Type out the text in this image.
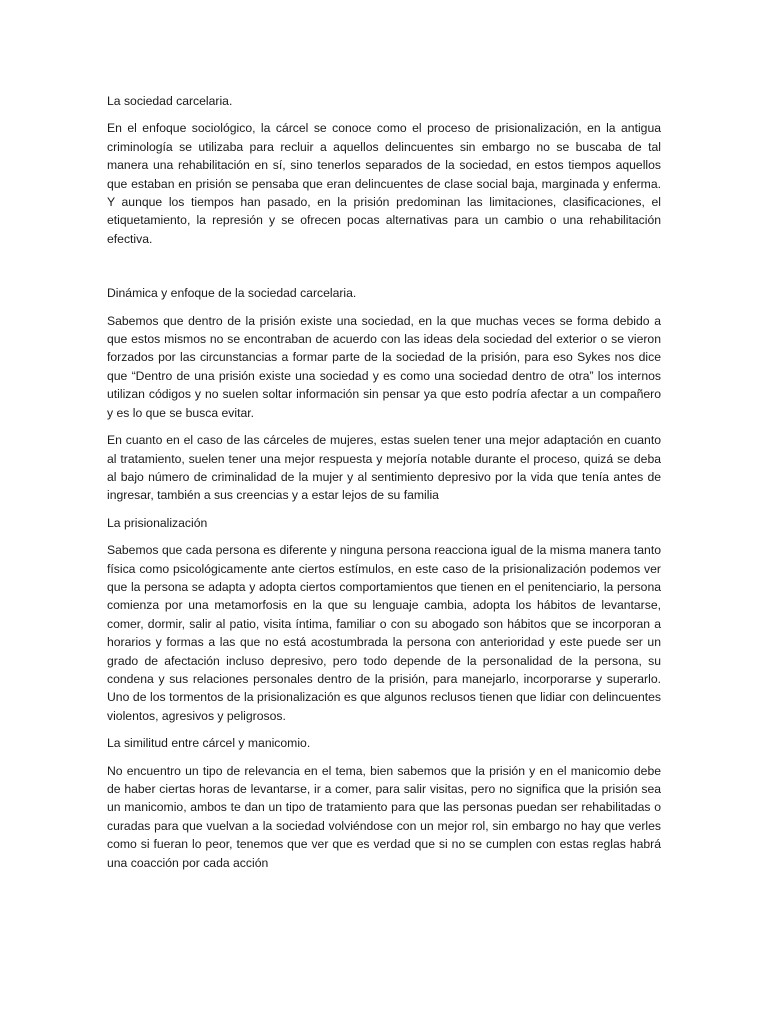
La sociedad carcelaria.

En el enfoque sociológico, la cárcel se conoce como el proceso de prisionalización, en la antigua criminología se utilizaba para recluir a aquellos delincuentes sin embargo no se buscaba de tal manera una rehabilitación en sí, sino tenerlos separados de la sociedad, en estos tiempos aquellos que estaban en prisión se pensaba que eran delincuentes de clase social baja, marginada y enferma. Y aunque los tiempos han pasado, en la prisión predominan las limitaciones, clasificaciones, el etiquetamiento, la represión y se ofrecen pocas alternativas para un cambio o una rehabilitación efectiva.

Dinámica y enfoque de la sociedad carcelaria.

Sabemos que dentro de la prisión existe una sociedad, en la que muchas veces se forma debido a que estos mismos no se encontraban de acuerdo con las ideas dela sociedad del exterior o se vieron forzados por las circunstancias a formar parte de la sociedad de la prisión, para eso Sykes nos dice que “Dentro de una prisión existe una sociedad y es como una sociedad dentro de otra” los internos utilizan códigos y no suelen soltar información sin pensar ya que esto podría afectar a un compañero y es lo que se busca evitar.

En cuanto en el caso de las cárceles de mujeres, estas suelen tener una mejor adaptación en cuanto al tratamiento, suelen tener una mejor respuesta y mejoría notable durante el proceso, quizá se deba al bajo número de criminalidad de la mujer y al sentimiento depresivo por la vida que tenía antes de ingresar, también a sus creencias y a estar lejos de su familia

La prisionalización

Sabemos que cada persona es diferente y ninguna persona reacciona igual de la misma manera tanto física como psicológicamente ante ciertos estímulos, en este caso de la prisionalización podemos ver que la persona se adapta y adopta ciertos comportamientos que tienen en el penitenciario, la persona comienza por una metamorfosis en la que su lenguaje cambia, adopta los hábitos de levantarse, comer, dormir, salir al patio, visita íntima, familiar o con su abogado son hábitos que se incorporan a horarios y formas a las que no está acostumbrada la persona con anterioridad y este puede ser un grado de afectación incluso depresivo, pero todo depende de la personalidad de la persona, su condena y sus relaciones personales dentro de la prisión, para manejarlo, incorporarse y superarlo. Uno de los tormentos de la prisionalización es que algunos reclusos tienen que lidiar con delincuentes violentos, agresivos y peligrosos.

La similitud entre cárcel y manicomio.

No encuentro un tipo de relevancia en el tema, bien sabemos que la prisión y en el manicomio debe de haber ciertas horas de levantarse, ir a comer, para salir visitas, pero no significa que la prisión sea un manicomio, ambos te dan un tipo de tratamiento para que las personas puedan ser rehabilitadas o curadas para que vuelvan a la sociedad volviéndose con un mejor rol, sin embargo no hay que verles como si fueran lo peor, tenemos que ver que es verdad que si no se cumplen con estas reglas habrá una coacción por cada acción
